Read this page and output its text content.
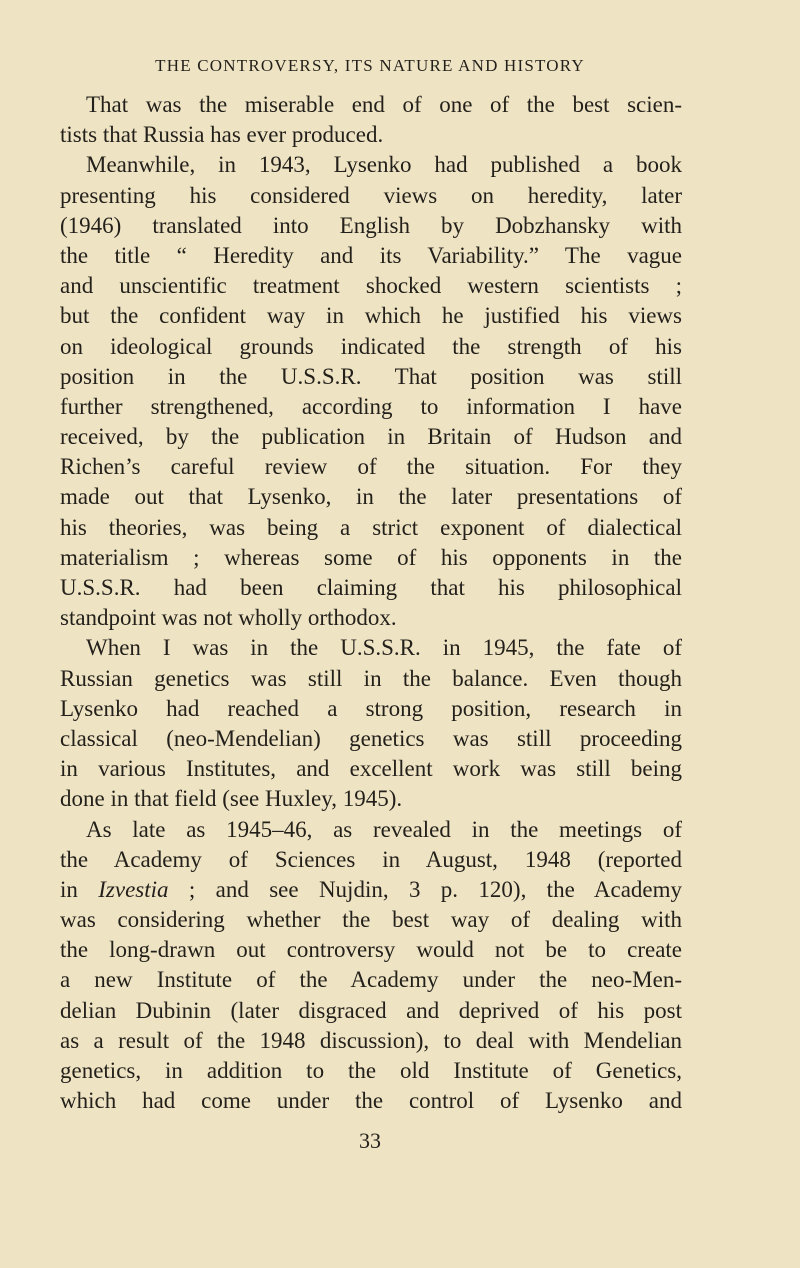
THE CONTROVERSY, ITS NATURE AND HISTORY
That was the miserable end of one of the best scien-
tists that Russia has ever produced.
Meanwhile, in 1943, Lysenko had published a book
presenting his considered views on heredity, later
(1946) translated into English by Dobzhansky with
the title “ Heredity and its Variability.” The vague
and unscientific treatment shocked western scientists ;
but the confident way in which he justified his views
on ideological grounds indicated the strength of his
position in the U.S.S.R. That position was still
further strengthened, according to information I have
received, by the publication in Britain of Hudson and
Richen’s careful review of the situation. For they
made out that Lysenko, in the later presentations of
his theories, was being a strict exponent of dialectical
materialism ; whereas some of his opponents in the
U.S.S.R. had been claiming that his philosophical
standpoint was not wholly orthodox.
When I was in the U.S.S.R. in 1945, the fate of
Russian genetics was still in the balance. Even though
Lysenko had reached a strong position, research in
classical (neo-Mendelian) genetics was still proceeding
in various Institutes, and excellent work was still being
done in that field (see Huxley, 1945).
As late as 1945–46, as revealed in the meetings of
the Academy of Sciences in August, 1948 (reported
in Izvestia ; and see Nujdin, 3 p. 120), the Academy
was considering whether the best way of dealing with
the long-drawn out controversy would not be to create
a new Institute of the Academy under the neo-Men-
delian Dubinin (later disgraced and deprived of his post
as a result of the 1948 discussion), to deal with Mendelian
genetics, in addition to the old Institute of Genetics,
which had come under the control of Lysenko and
33
